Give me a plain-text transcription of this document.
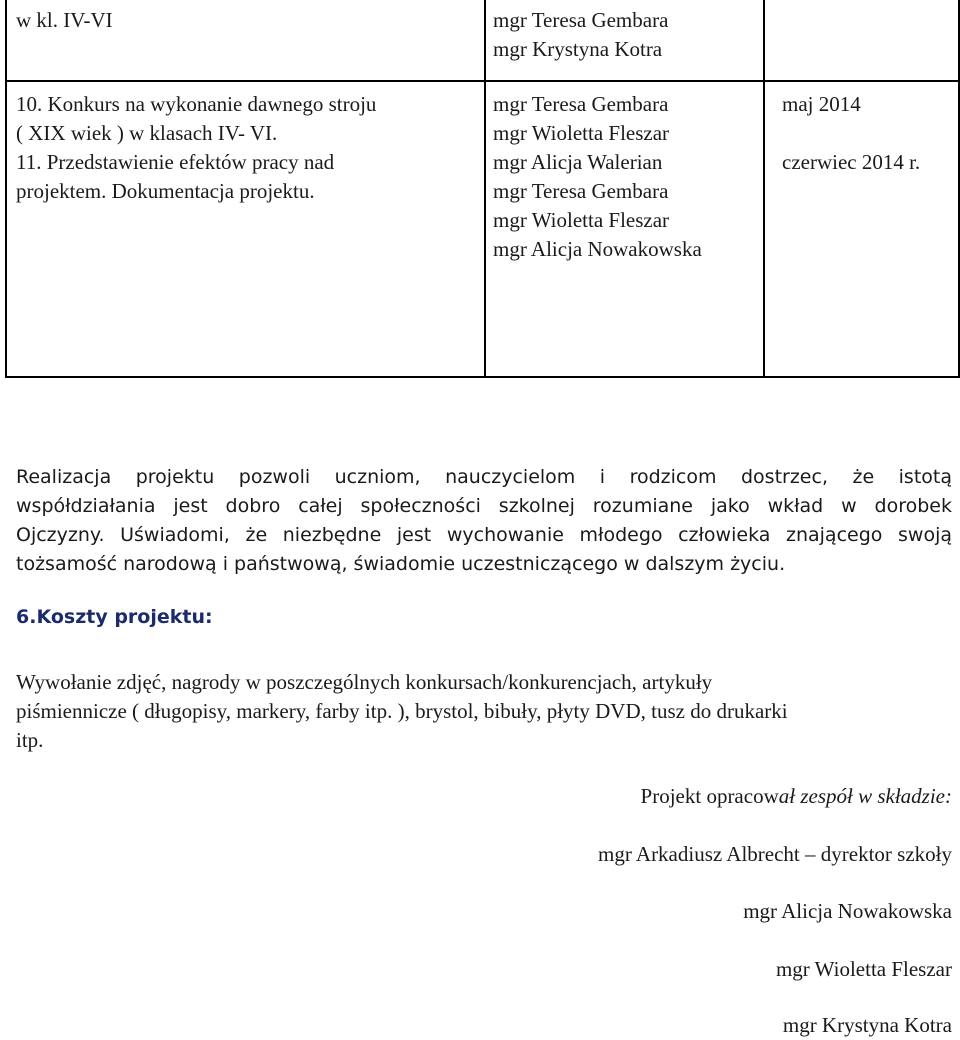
w kl. IV-VI	mgr Teresa Gembara
mgr Krystyna Kotra
10. Konkurs na wykonanie dawnego stroju
( XIX wiek ) w klasach IV- VI.
11. Przedstawienie efektów pracy nad
projektem. Dokumentacja projektu.
mgr Teresa Gembara
mgr Wioletta Fleszar
mgr Alicja Walerian
mgr Teresa Gembara
mgr Wioletta Fleszar
mgr Alicja Nowakowska
maj 2014
czerwiec 2014 r.
Realizacja projektu pozwoli uczniom, nauczycielom i rodzicom dostrzec, że istotą
współdziałania jest dobro całej społeczności szkolnej rozumiane jako wkład w dorobek
Ojczyzny. Uświadomi, że niezbędne jest wychowanie młodego człowieka znającego swoją
tożsamość narodową i państwową, świadomie uczestniczącego w dalszym życiu.
6.Koszty projektu:
Wywołanie zdjęć, nagrody w poszczególnych konkursach/konkurencjach, artykuły
piśmiennicze ( długopisy, markery, farby itp. ), brystol, bibuły, płyty DVD, tusz do drukarki
itp.
Projekt opracował zespół w składzie:
mgr Arkadiusz Albrecht – dyrektor szkoły
mgr Alicja Nowakowska
mgr Wioletta Fleszar
mgr Krystyna Kotra
